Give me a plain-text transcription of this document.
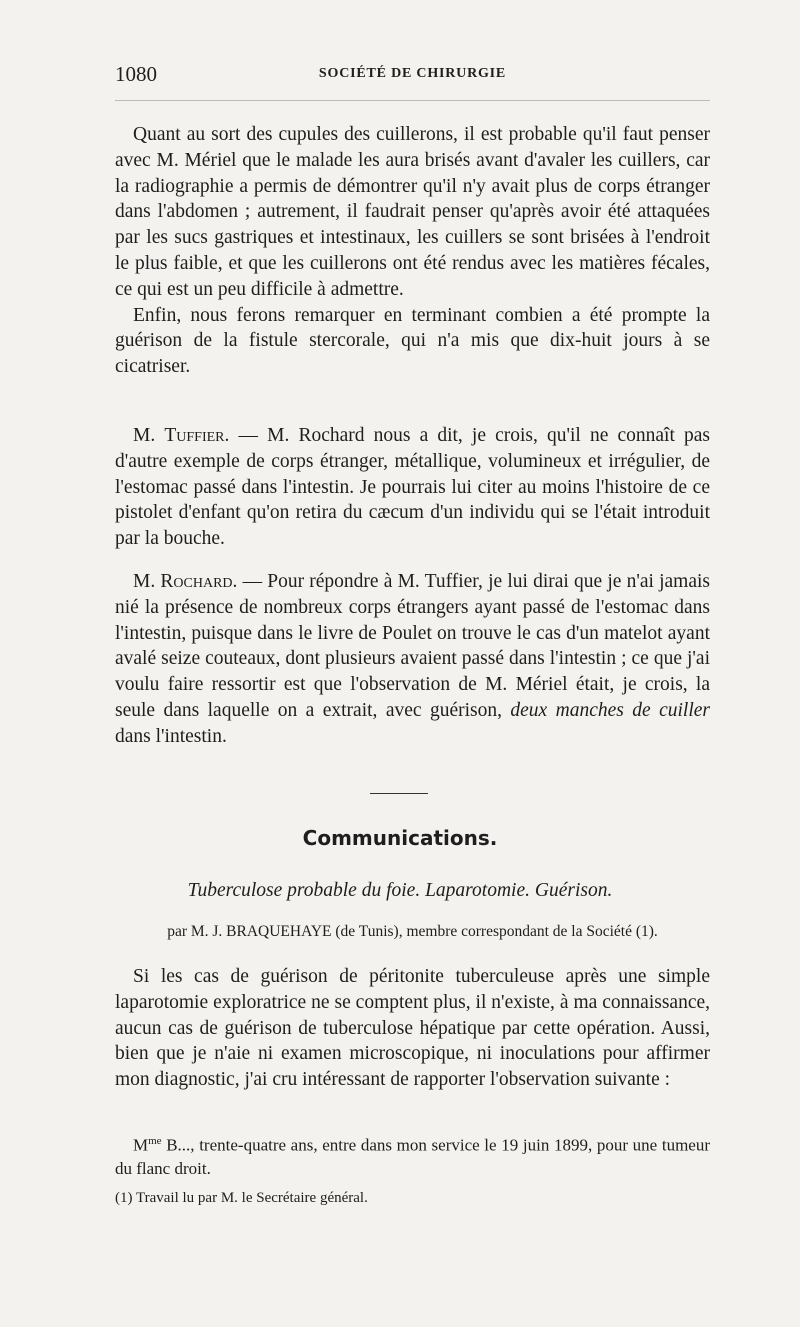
1080	SOCIÉTÉ DE CHIRURGIE

Quant au sort des cupules des cuillerons, il est probable qu'il faut penser avec M. Mériel que le malade les aura brisés avant d'avaler les cuillers, car la radiographie a permis de démontrer qu'il n'y avait plus de corps étranger dans l'abdomen ; autrement, il faudrait penser qu'après avoir été attaquées par les sucs gastriques et intestinaux, les cuillers se sont brisées à l'endroit le plus faible, et que les cuillerons ont été rendus avec les matières fécales, ce qui est un peu difficile à admettre.

Enfin, nous ferons remarquer en terminant combien a été prompte la guérison de la fistule stercorale, qui n'a mis que dix-huit jours à se cicatriser.

M. Tuffier. — M. Rochard nous a dit, je crois, qu'il ne connaît pas d'autre exemple de corps étranger, métallique, volumineux et irrégulier, de l'estomac passé dans l'intestin. Je pourrais lui citer au moins l'histoire de ce pistolet d'enfant qu'on retira du cæcum d'un individu qui se l'était introduit par la bouche.

M. Rochard. — Pour répondre à M. Tuffier, je lui dirai que je n'ai jamais nié la présence de nombreux corps étrangers ayant passé de l'estomac dans l'intestin, puisque dans le livre de Poulet on trouve le cas d'un matelot ayant avalé seize couteaux, dont plusieurs avaient passé dans l'intestin ; ce que j'ai voulu faire ressortir est que l'observation de M. Mériel était, je crois, la seule dans laquelle on a extrait, avec guérison, deux manches de cuiller dans l'intestin.

Communications.
Tuberculose probable du foie. Laparotomie. Guérison.
par M. J. BRAQUEHAYE (de Tunis), membre correspondant de la Société (1).

Si les cas de guérison de péritonite tuberculeuse après une simple laparotomie exploratrice ne se comptent plus, il n'existe, à ma connaissance, aucun cas de guérison de tuberculose hépatique par cette opération. Aussi, bien que je n'aie ni examen microscopique, ni inoculations pour affirmer mon diagnostic, j'ai cru intéressant de rapporter l'observation suivante :

$M^{me}$ B..., trente-quatre ans, entre dans mon service le 19 juin 1899, pour une tumeur du flanc droit.

(1) Travail lu par M. le Secrétaire général.
